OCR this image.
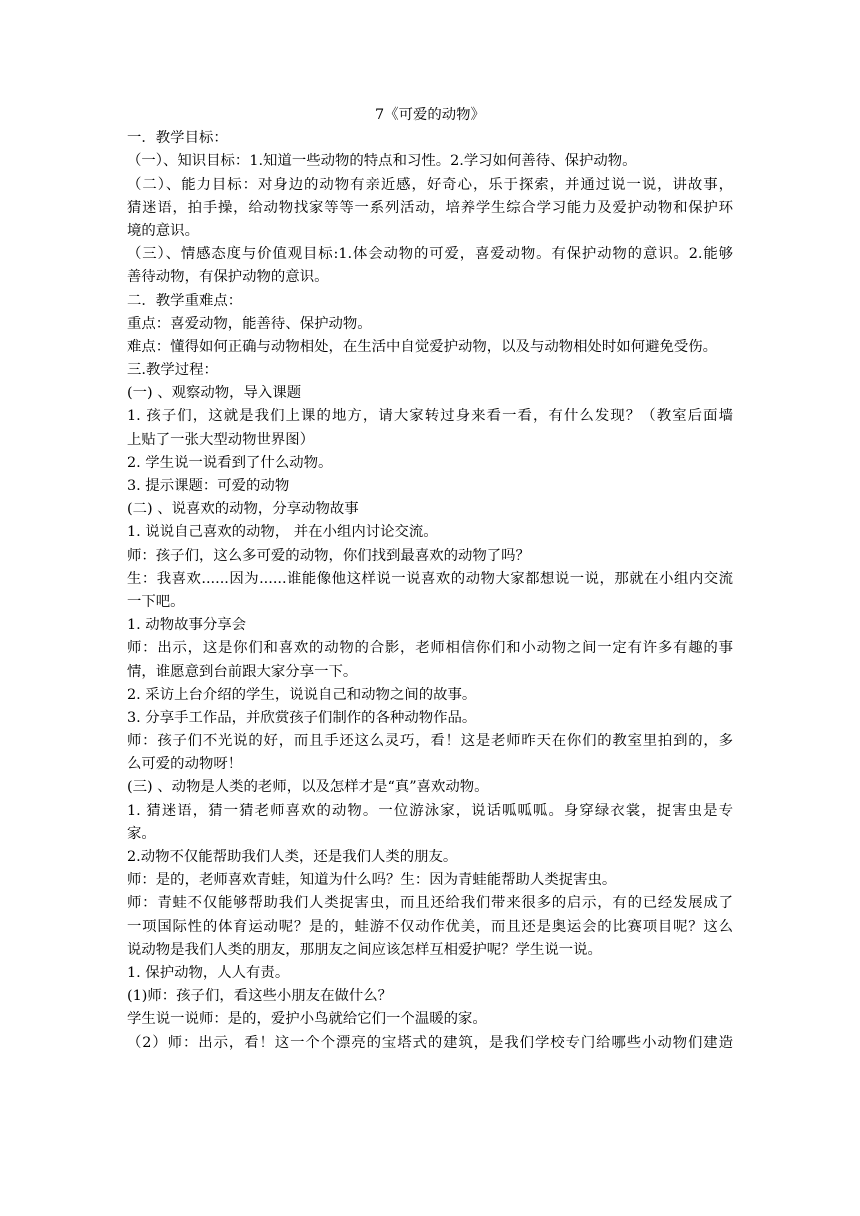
7《可爱的动物》
一．教学目标：
（一）、知识目标：1.知道一些动物的特点和习性。2.学习如何善待、保护动物。
（二）、能力目标：对身边的动物有亲近感，好奇心，乐于探索，并通过说一说，讲故事，
猜迷语，拍手操，给动物找家等等一系列活动，培养学生综合学习能力及爱护动物和保护环
境的意识。
（三）、情感态度与价值观目标:1.体会动物的可爱，喜爱动物。有保护动物的意识。2.能够
善待动物，有保护动物的意识。
二．教学重难点：
重点：喜爱动物，能善待、保护动物。
难点：懂得如何正确与动物相处，在生活中自觉爱护动物，以及与动物相处时如何避免受伤。
三.教学过程：
(一) 、观察动物，导入课题
1. 孩子们，这就是我们上课的地方，请大家转过身来看一看，有什么发现？（教室后面墙
上贴了一张大型动物世界图）
2. 学生说一说看到了什么动物。
3. 提示课题：可爱的动物
(二) 、说喜欢的动物，分享动物故事
1. 说说自己喜欢的动物， 并在小组内讨论交流。
师：孩子们，这么多可爱的动物，你们找到最喜欢的动物了吗？
生：我喜欢......因为......谁能像他这样说一说喜欢的动物大家都想说一说，那就在小组内交流
一下吧。
1. 动物故事分享会
师：出示，这是你们和喜欢的动物的合影，老师相信你们和小动物之间一定有许多有趣的事
情，谁愿意到台前跟大家分享一下。
2. 采访上台介绍的学生，说说自己和动物之间的故事。
3. 分享手工作品，并欣赏孩子们制作的各种动物作品。
师：孩子们不光说的好，而且手还这么灵巧，看！这是老师昨天在你们的教室里拍到的，多
么可爱的动物呀！
(三) 、动物是人类的老师，以及怎样才是“真”喜欢动物。
1. 猜迷语，猜一猜老师喜欢的动物。一位游泳家，说话呱呱呱。身穿绿衣裳，捉害虫是专
家。
2.动物不仅能帮助我们人类，还是我们人类的朋友。
师：是的，老师喜欢青蛙，知道为什么吗？生：因为青蛙能帮助人类捉害虫。
师：青蛙不仅能够帮助我们人类捉害虫，而且还给我们带来很多的启示，有的已经发展成了
一项国际性的体育运动呢？是的，蛙游不仅动作优美，而且还是奥运会的比赛项目呢？这么
说动物是我们人类的朋友，那朋友之间应该怎样互相爱护呢？学生说一说。
1. 保护动物，人人有责。
(1)师：孩子们，看这些小朋友在做什么？
学生说一说师：是的，爱护小鸟就给它们一个温暖的家。
（2）师：出示，看！这一个个漂亮的宝塔式的建筑，是我们学校专门给哪些小动物们建造
